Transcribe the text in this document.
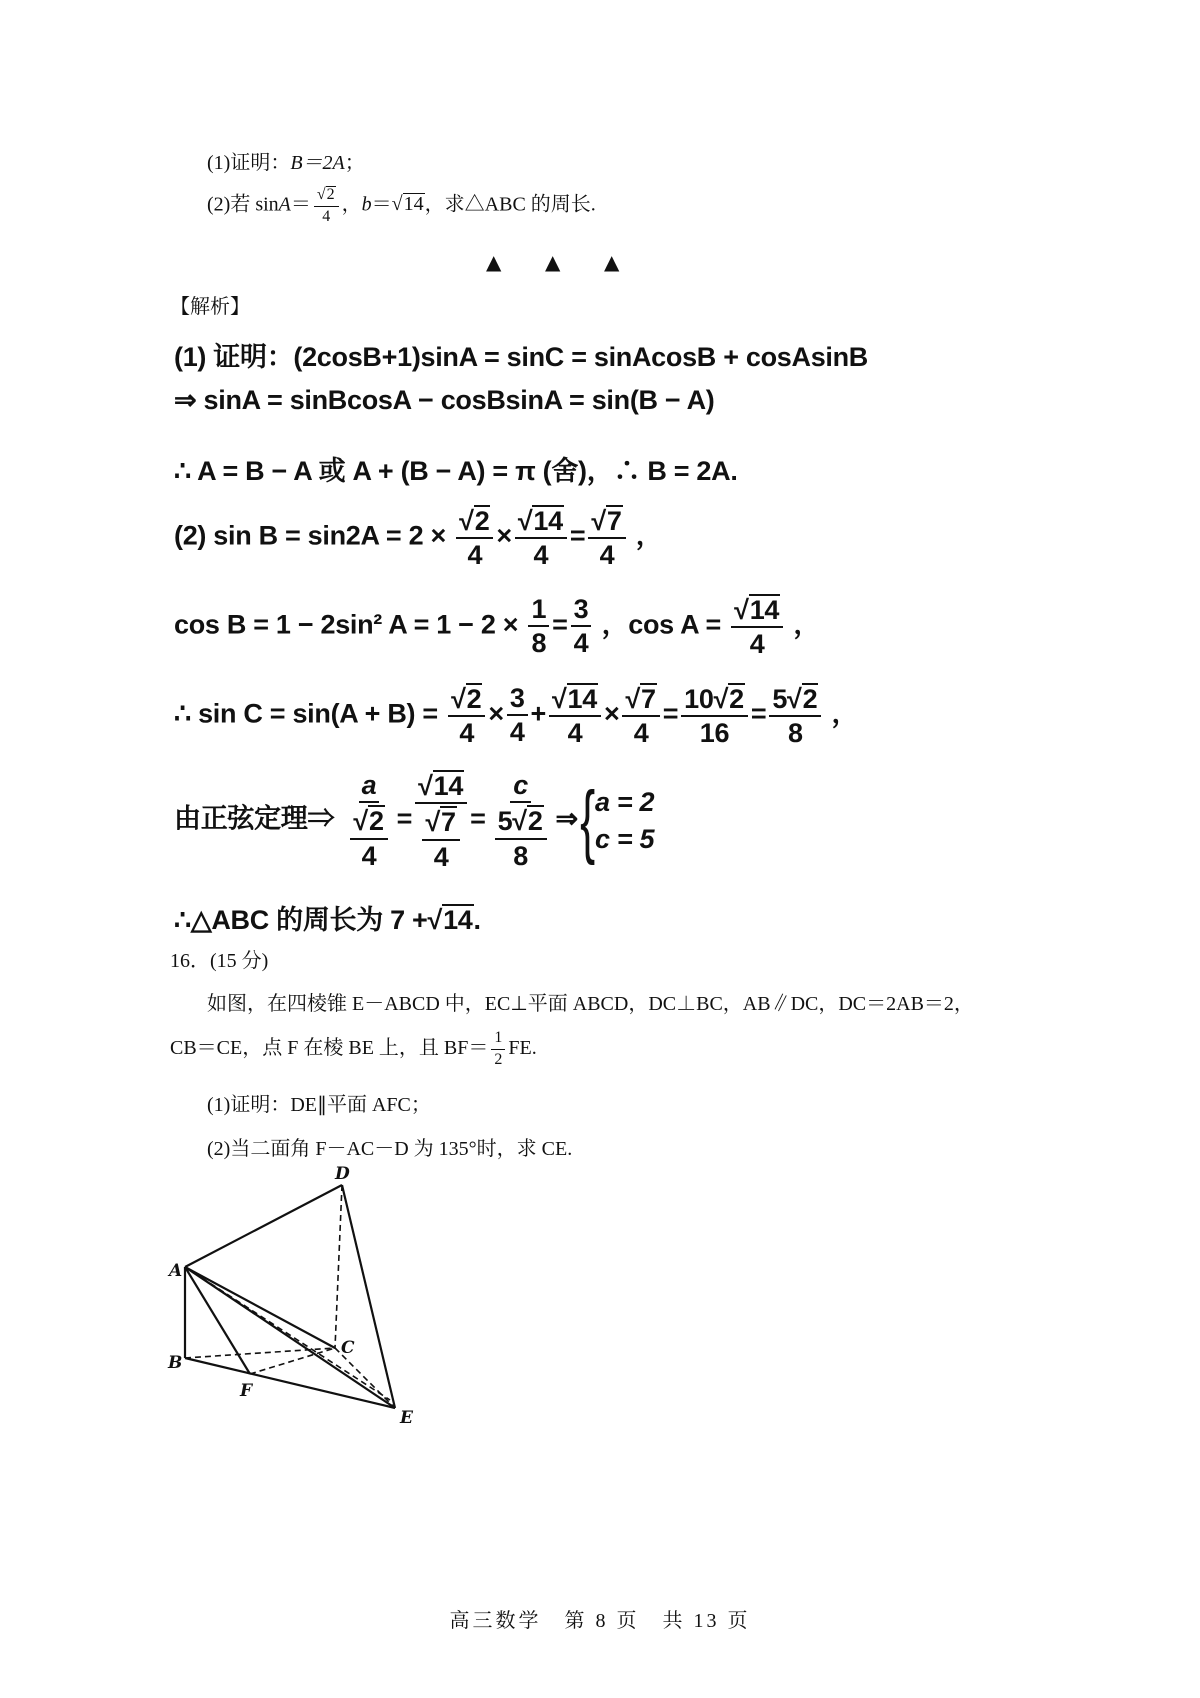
(1)证明：B＝2A；
(2)若 $\sin A= \frac{√2}{4}$ ，b＝√14，求△ABC 的周长.
▲ ▲ ▲
【解析】
(1) 证明：(2cosB+1)sinA = sinC = sinAcosB + cosAsinB
⇒ sinA = sinBcosA − cosBsinA = sin(B − A)
∴ A = B − A 或 A + (B − A) = π (舍)，∴ B = 2A.
(2) $\sin B = \sin 2A = 2 \times \frac{√2}{4} \times \frac{√14}{4} = \frac{√7}{4}$ ，
cos B = 1 − 2sin² $A = 1 - 2 \times \frac{1}{8} = \frac{3}{4}$ ，$\cos A = \frac{√14}{4}$ ，
∴ $\sin C = \sin(A + B) = \frac{√2}{4} \times \frac{3}{4} + \frac{√14}{4} \times \frac{√7}{4} = \frac{10√2}{16} = \frac{5√2}{8}$ ，
由正弦定理⇒ $\frac{a}{\frac{√2}{4}} = \frac{√14}{\frac{√7}{4}} = \frac{c}{\frac{5√2}{8}}$ ⇒{ a = 2
c = 5
∴△ABC 的周长为 7 +√14.
16．(15 分)
如图，在四棱锥 E－ABCD 中，EC⊥平面 ABCD，DC⊥BC，AB∥DC，DC＝2AB＝2，
CB＝CE，点 F 在棱 BE 上，且 $BF= \frac{1}{2}$ FE.
(1)证明：DE∥平面 AFC；
(2)当二面角 F－AC－D 为 135°时，求 CE.
D
A
B
C
F
E
高三数学　第 8 页　共 13 页
